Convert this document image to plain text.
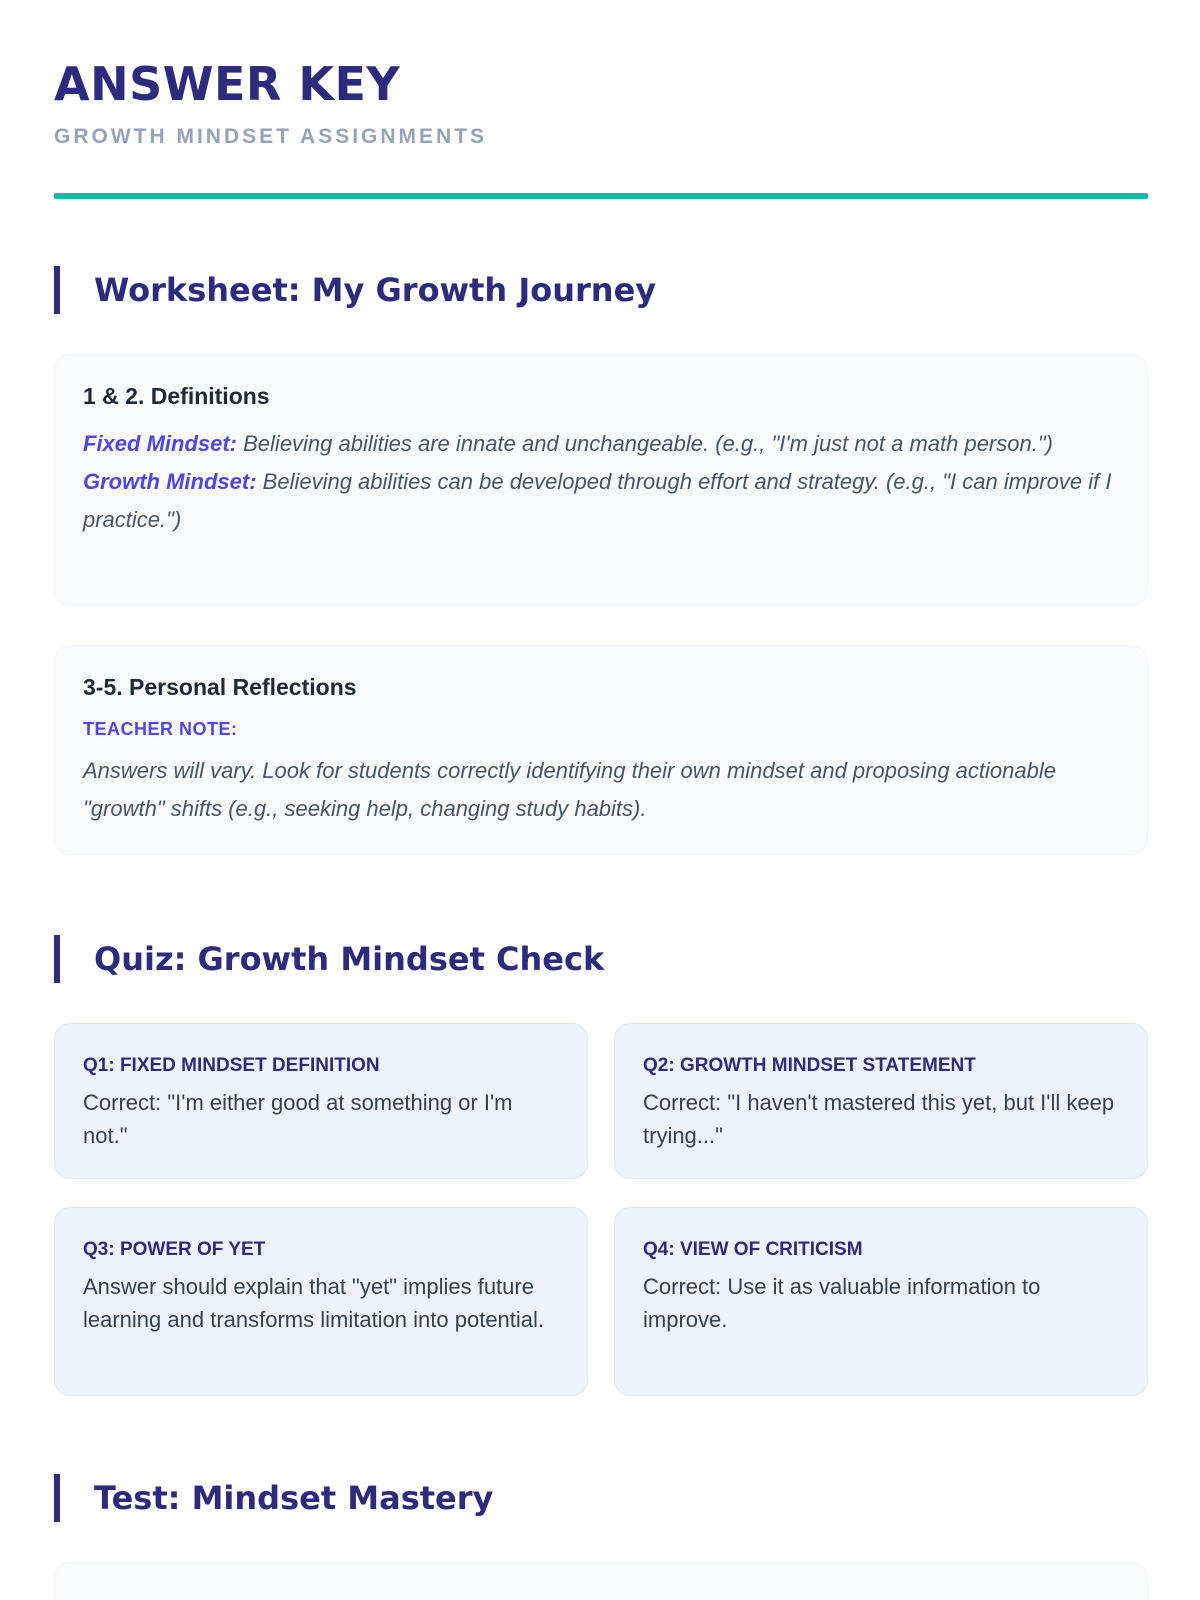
ANSWER KEY
GROWTH MINDSET ASSIGNMENTS
Worksheet: My Growth Journey
1 & 2. Definitions
Fixed Mindset: Believing abilities are innate and unchangeable. (e.g., "I'm just not a math person.")
Growth Mindset: Believing abilities can be developed through effort and strategy. (e.g., "I can improve if I practice.")
3-5. Personal Reflections
TEACHER NOTE:
Answers will vary. Look for students correctly identifying their own mindset and proposing actionable "growth" shifts (e.g., seeking help, changing study habits).
Quiz: Growth Mindset Check
Q1: FIXED MINDSET DEFINITION
Correct: "I'm either good at something or I'm not."
Q2: GROWTH MINDSET STATEMENT
Correct: "I haven't mastered this yet, but I'll keep trying..."
Q3: POWER OF YET
Answer should explain that "yet" implies future learning and transforms limitation into potential.
Q4: VIEW OF CRITICISM
Correct: Use it as valuable information to improve.
Test: Mindset Mastery
